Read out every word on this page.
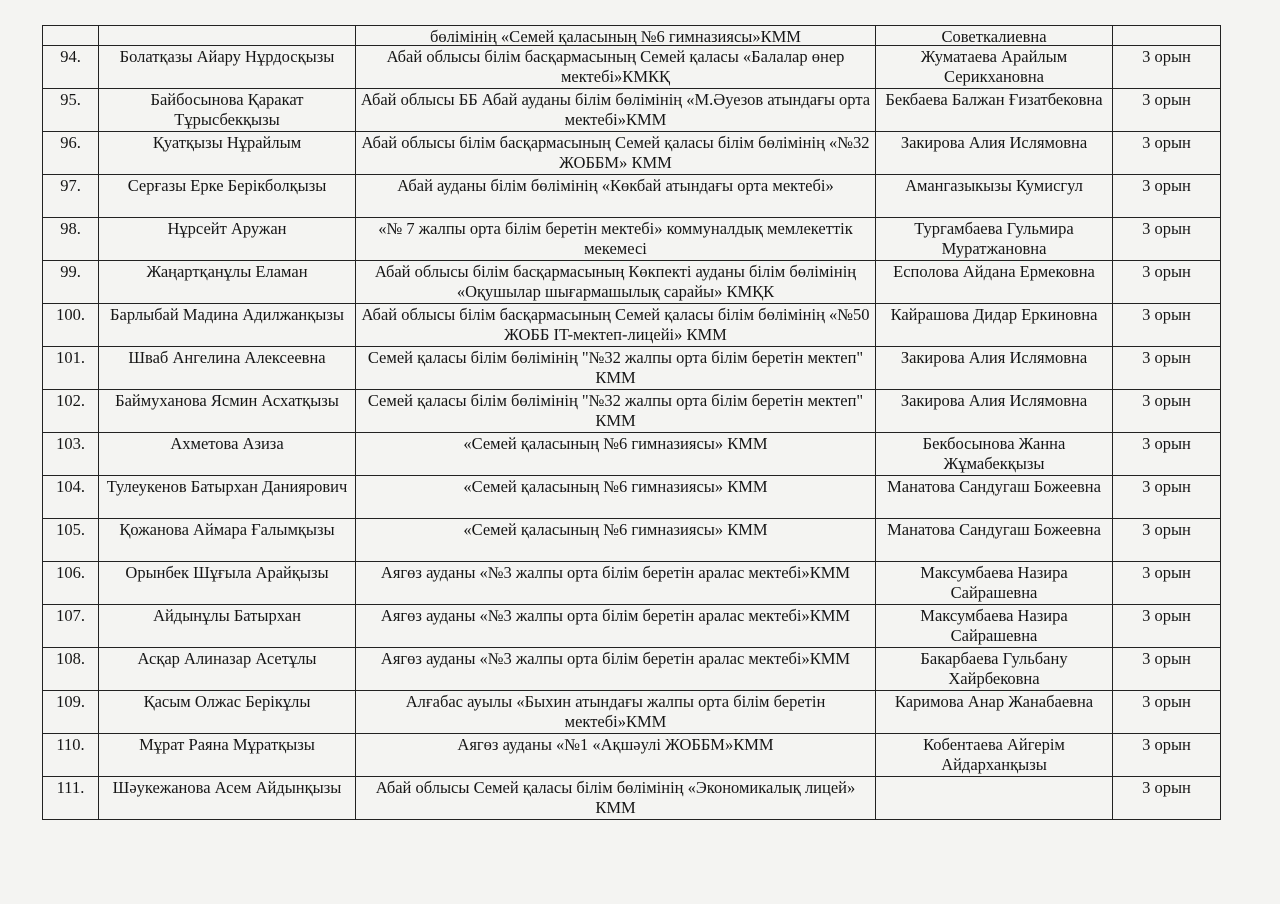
		бөлімінің «Семей қаласының №6 гимназиясы»КММ	Советкалиевна	
94.	Болатқазы Айару Нұрдосқызы	Абай облысы білім басқармасының Семей қаласы «Балалар өнер мектебі»КМКҚ	Жуматаева Арайлым Серикхановна	3 орын
95.	Байбосынова Қаракат Тұрысбекқызы	Абай облысы ББ Абай ауданы білім бөлімінің «М.Әуезов атындағы орта мектебі»КММ	Бекбаева Балжан Ғизатбековна	3 орын
96.	Қуатқызы Нұрайлым	Абай облысы білім басқармасының Семей қаласы білім бөлімінің «№32 ЖОББМ» КММ	Закирова Алия Ислямовна	3 орын
97.	Серғазы Ерке Берікболқызы	Абай ауданы білім бөлімінің «Көкбай атындағы орта мектебі»	Амангазыкызы Кумисгул	3 орын
98.	Нұрсейт Аружан	«№ 7 жалпы орта білім беретін мектебі» коммуналдық мемлекеттік мекемесі	Тургамбаева Гульмира Муратжановна	3 орын
99.	Жаңартқанұлы Еламан	Абай облысы білім басқармасының Көкпекті ауданы білім бөлімінің «Оқушылар шығармашылық сарайы» КМҚК	Есполова Айдана Ермековна	3 орын
100.	Барлыбай Мадина Адилжанқызы	Абай облысы білім басқармасының Семей қаласы білім бөлімінің «№50 ЖОББ IT-мектеп-лицейі» КММ	Кайрашова Дидар Еркиновна	3 орын
101.	Шваб Ангелина Алексеевна	Семей қаласы білім бөлімінің "№32 жалпы орта білім беретін мектеп" КММ	Закирова Алия Ислямовна	3 орын
102.	Баймуханова Ясмин Асхатқызы	Семей қаласы білім бөлімінің "№32 жалпы орта білім беретін мектеп" КММ	Закирова Алия Ислямовна	3 орын
103.	Ахметова Азиза	«Семей қаласының №6 гимназиясы» КММ	Бекбосынова Жанна Жұмабекқызы	3 орын
104.	Тулеукенов Батырхан Даниярович	«Семей қаласының №6 гимназиясы» КММ	Манатова Сандугаш Божеевна	3 орын
105.	Қожанова Аймара Ғалымқызы	«Семей қаласының №6 гимназиясы» КММ	Манатова Сандугаш Божеевна	3 орын
106.	Орынбек Шұғыла Арайқызы	Аягөз ауданы «№3 жалпы орта білім беретін аралас мектебі»КММ	Максумбаева Назира Сайрашевна	3 орын
107.	Айдынұлы Батырхан	Аягөз ауданы «№3 жалпы орта білім беретін аралас мектебі»КММ	Максумбаева Назира Сайрашевна	3 орын
108.	Асқар Алиназар Асетұлы	Аягөз ауданы «№3 жалпы орта білім беретін аралас мектебі»КММ	Бакарбаева Гульбану Хайрбековна	3 орын
109.	Қасым Олжас Берікұлы	Алғабас ауылы «Быхин атындағы жалпы орта білім беретін мектебі»КММ	Каримова Анар Жанабаевна	3 орын
110.	Мұрат Раяна Мұратқызы	Аягөз ауданы «№1 «Ақшәулі ЖОББМ»КММ	Кобентаева Айгерім Айдарханқызы	3 орын
111.	Шәукежанова Асем Айдынқызы	Абай облысы Семей қаласы білім бөлімінің «Экономикалық лицей» КММ		3 орын
